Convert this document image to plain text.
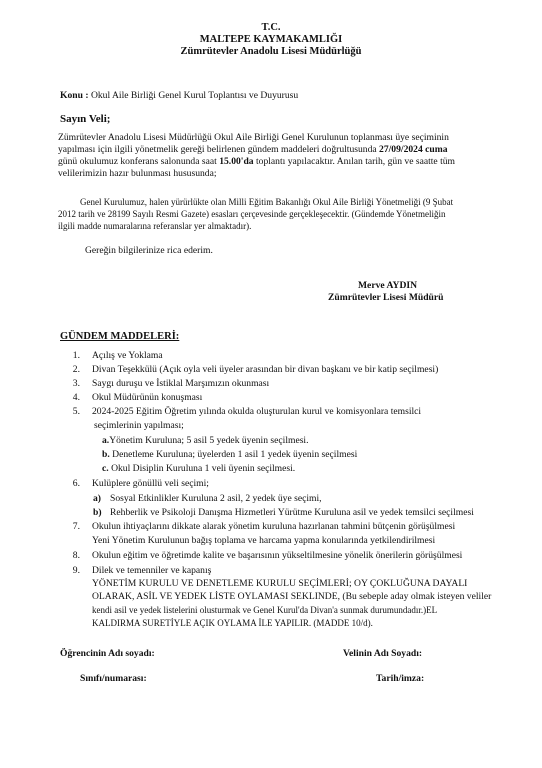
T.C.
MALTEPE KAYMAKAMLIĞI
Zümrütevler Anadolu Lisesi Müdürlüğü
Konu : Okul Aile Birliği Genel Kurul Toplantısı ve Duyurusu
Sayın Veli;
Zümrütevler Anadolu Lisesi Müdürlüğü Okul Aile Birliği Genel Kurulunun toplanması üye seçiminin
yapılması için ilgili yönetmelik gereği belirlenen gündem maddeleri doğrultusunda 27/09/2024 cuma
günü okulumuz konferans salonunda saat 15.00'da toplantı yapılacaktır. Anılan tarih, gün ve saatte tüm
velilerimizin hazır bulunması hususunda;
Genel Kurulumuz, halen yürürlükte olan Milli Eğitim Bakanlığı Okul Aile Birliği Yönetmeliği (9 Şubat
2012 tarih ve 28199 Sayılı Resmi Gazete) esasları çerçevesinde gerçekleşecektir. (Gündemde Yönetmeliğin
ilgili madde numaralarına referanslar yer almaktadır).
Gereğin bilgilerinize rica ederim.
Merve AYDIN
Zümrütevler Lisesi Müdürü
GÜNDEM MADDELERİ:
1. Açılış ve Yoklama
2. Divan Teşekkülü (Açık oyla veli üyeler arasından bir divan başkanı ve bir katip seçilmesi)
3. Saygı duruşu ve İstiklal Marşımızın okunması
4. Okul Müdürünün konuşması
5. 2024-2025 Eğitim Öğretim yılında okulda oluşturulan kurul ve komisyonlara temsilci
seçimlerinin yapılması;
a.Yönetim Kuruluna; 5 asil 5 yedek üyenin seçilmesi.
b. Denetleme Kuruluna; üyelerden 1 asil 1 yedek üyenin seçilmesi
c. Okul Disiplin Kuruluna 1 veli üyenin seçilmesi.
6. Kulüplere gönüllü veli seçimi;
a) Sosyal Etkinlikler Kuruluna 2 asil, 2 yedek üye seçimi,
b) Rehberlik ve Psikoloji Danışma Hizmetleri Yürütme Kuruluna asil ve yedek temsilci seçilmesi
7. Okulun ihtiyaçlarını dikkate alarak yönetim kuruluna hazırlanan tahmini bütçenin görüşülmesi
Yeni Yönetim Kurulunun bağış toplama ve harcama yapma konularında yetkilendirilmesi
8. Okulun eğitim ve öğretimde kalite ve başarısının yükseltilmesine yönelik önerilerin görüşülmesi
9. Dilek ve temenniler ve kapanış
YÖNETİM KURULU VE DENETLEME KURULU SEÇİMLERİ; OY ÇOKLUĞUNA DAYALI
OLARAK, ASİL VE YEDEK LİSTE OYLAMASI SEKLINDE, (Bu sebeple aday olmak isteyen veliler
kendi asil ve yedek listelerini olusturmak ve Genel Kurul'da Divan'a sunmak durumundadır.)EL
KALDIRMA SURETİYLE AÇIK OYLAMA İLE YAPILIR. (MADDE 10/d).
Öğrencinin Adı soyadı:	Velinin Adı Soyadı:
Sınıfı/numarası:	Tarih/imza:
